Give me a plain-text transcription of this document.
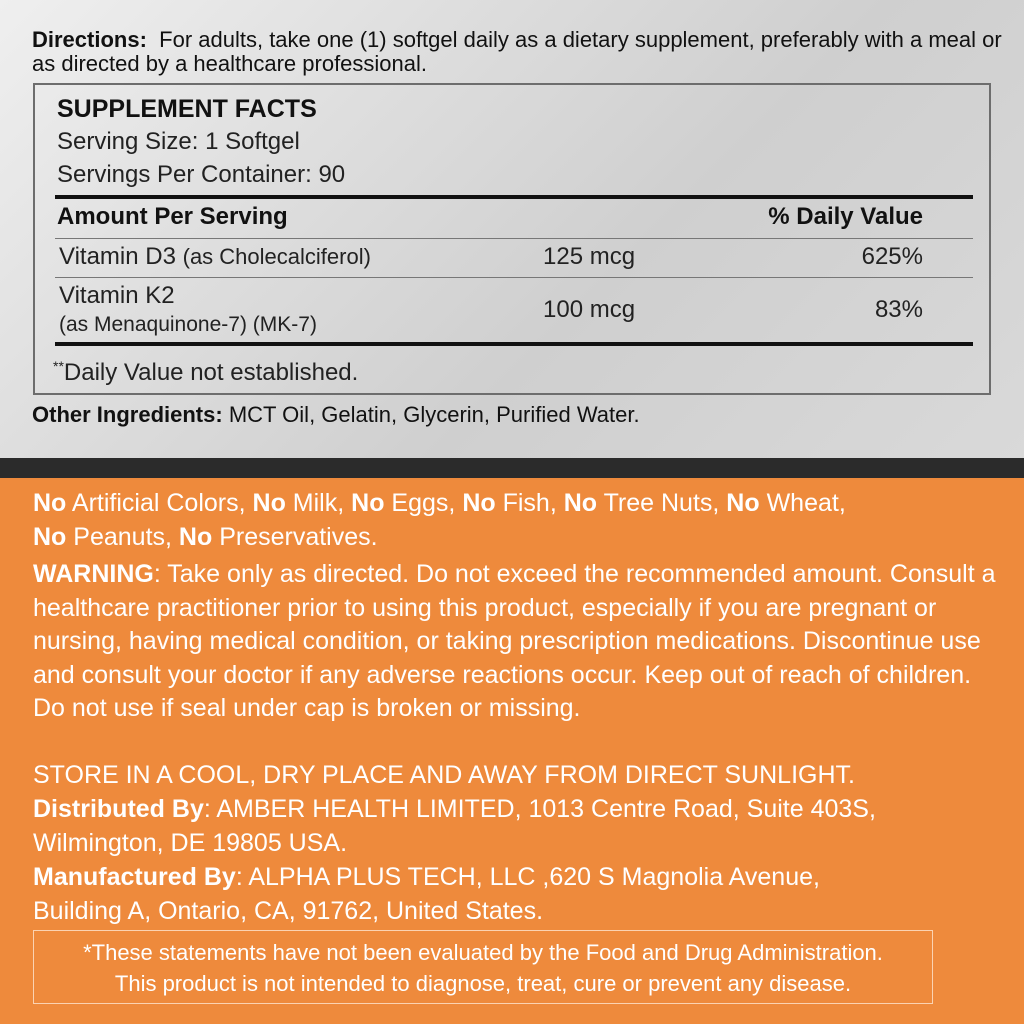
Directions: For adults, take one (1) softgel daily as a dietary supplement, preferably with a meal or as directed by a healthcare professional.
SUPPLEMENT FACTS
Serving Size: 1 Softgel
Servings Per Container: 90
Amount Per Serving	% Daily Value
Vitamin D3 (as Cholecalciferol)	125 mcg	625%
Vitamin K2
(as Menaquinone-7) (MK-7)
100 mcg	83%
**Daily Value not established.
Other Ingredients: MCT Oil, Gelatin, Glycerin, Purified Water.

No Artificial Colors, No Milk, No Eggs, No Fish, No Tree Nuts, No Wheat,
No Peanuts, No Preservatives.

WARNING: Take only as directed. Do not exceed the recommended amount. Consult a healthcare practitioner prior to using this product, especially if you are pregnant or nursing, having medical condition, or taking prescription medications. Discontinue use and consult your doctor if any adverse reactions occur. Keep out of reach of children. Do not use if seal under cap is broken or missing.

STORE IN A COOL, DRY PLACE AND AWAY FROM DIRECT SUNLIGHT.

Distributed By: AMBER HEALTH LIMITED, 1013 Centre Road, Suite 403S, Wilmington, DE 19805 USA.

Manufactured By: ALPHA PLUS TECH, LLC ,620 S Magnolia Avenue, Building A, Ontario, CA, 91762, United States.

*These statements have not been evaluated by the Food and Drug Administration.
This product is not intended to diagnose, treat, cure or prevent any disease.
